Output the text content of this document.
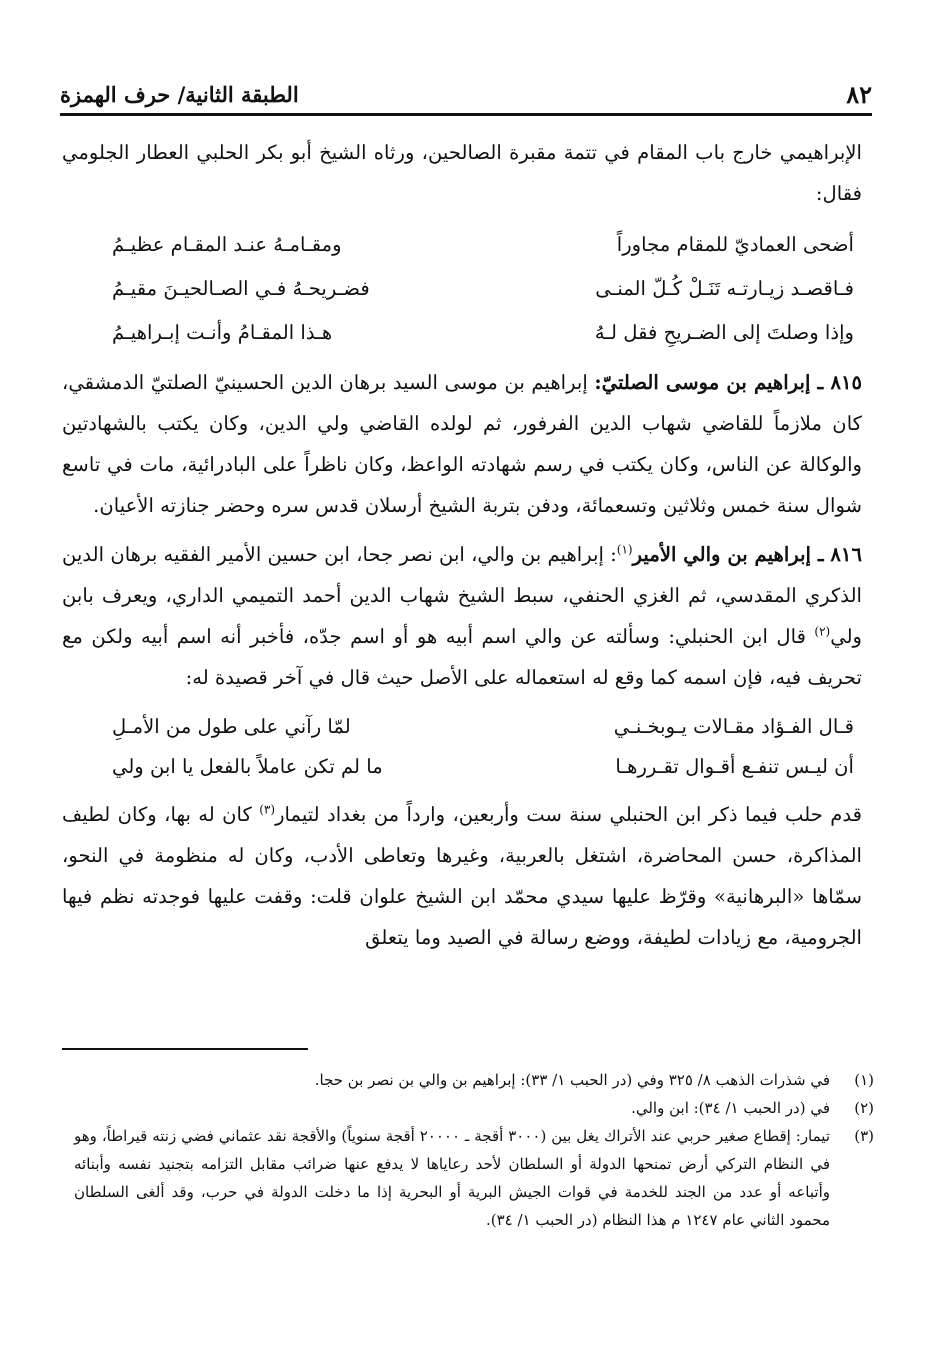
٨٢
الطبقة الثانية/ حرف الهمزة

الإبراهيمي خارج باب المقام في تتمة مقبرة الصالحين، ورثاه الشيخ أبو بكر الحلبي العطار الجلومي فقال:

أضحى العماديّ للمقام مجاوراً
ومقـامـهُ عنـد المقـام عظيـمُ
فـاقصـد زيـارتـه تَنَـلْ كُـلّ المنـى
فضـريحـهُ فـي الصـالحيـنَ مقيـمُ
وإذا وصلتَ إلى الضـريحِ فقل لـهُ
هـذا المقـامُ وأنـت إبـراهيـمُ

٨١٥ ـ إبراهيم بن موسى الصلتيّ: إبراهيم بن موسى السيد برهان الدين الحسينيّ الصلتيّ الدمشقي، كان ملازماً للقاضي شهاب الدين الفرفور، ثم لولده القاضي ولي الدين، وكان يكتب بالشهادتين والوكالة عن الناس، وكان يكتب في رسم شهادته الواعظ، وكان ناظراً على البادرائية، مات في تاسع شوال سنة خمس وثلاثين وتسعمائة، ودفن بتربة الشيخ أرسلان قدس سره وحضر جنازته الأعيان.

٨١٦ ـ إبراهيم بن والي الأمير$^{(١)}$: إبراهيم بن والي، ابن نصر جحا، ابن حسين الأمير الفقيه برهان الدين الذكري المقدسي، ثم الغزي الحنفي، سبط الشيخ شهاب الدين أحمد التميمي الداري، ويعرف بابن ولي$^{(٢)}$ قال ابن الحنبلي: وسألته عن والي اسم أبيه هو أو اسم جدّه، فأخبر أنه اسم أبيه ولكن مع تحريف فيه، فإن اسمه كما وقع له استعماله على الأصل حيث قال في آخر قصيدة له:

قـال الفـؤاد مقـالات يـوبخـنـي
لمّا رآني على طول من الأمـلِ
أن ليـس تنفـع أقـوال تقـررهـا
ما لم تكن عاملاً بالفعل يا ابن ولي

قدم حلب فيما ذكر ابن الحنبلي سنة ست وأربعين، وارداً من بغداد لتيمار$^{(٣)}$ كان له بها، وكان لطيف المذاكرة، حسن المحاضرة، اشتغل بالعربية، وغيرها وتعاطى الأدب، وكان له منظومة في النحو، سمّاها «البرهانية» وقرّظ عليها سيدي محمّد ابن الشيخ علوان قلت: وقفت عليها فوجدته نظم فيها الجرومية، مع زيادات لطيفة، ووضع رسالة في الصيد وما يتعلق

(١)
في شذرات الذهب ٨/ ٣٢٥ وفي (در الحبب ١/ ٣٣): إبراهيم بن والي بن نصر بن حجا.
(٢)
في (در الحبب ١/ ٣٤): ابن والي.
(٣)
تيمار: إقطاع صغير حربي عند الأتراك يغل بين (٣٠٠٠ أقجة ـ ٢٠٠٠٠ أقجة سنوياً) والأقجة نقد عثماني فضي زنته قيراطاً، وهو في النظام التركي أرض تمنحها الدولة أو السلطان لأحد رعاياها لا يدفع عنها ضرائب مقابل التزامه بتجنيد نفسه وأبنائه وأتباعه أو عدد من الجند للخدمة في قوات الجيش البرية أو البحرية إذا ما دخلت الدولة في حرب، وقد ألغى السلطان محمود الثاني عام ١٢٤٧ م هذا النظام (در الحبب ١/ ٣٤).
